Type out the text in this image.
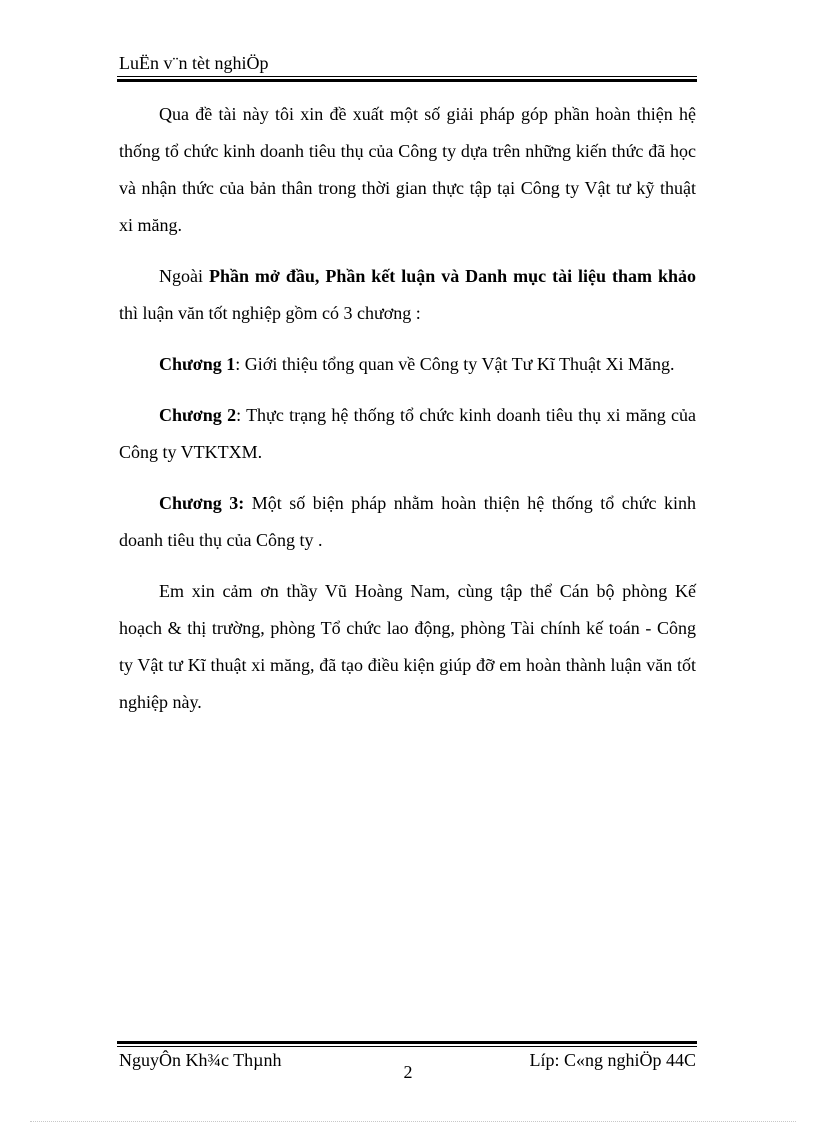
LuËn v¨n tèt nghiÖp

Qua đề tài này tôi xin đề xuất một số giải pháp góp phần hoàn thiện hệ thống tổ chức kinh doanh tiêu thụ của Công ty dựa trên những kiến thức đã học và nhận thức của bản thân trong thời gian thực tập tại Công ty Vật tư kỹ thuật xi măng.

Ngoài Phần mở đầu, Phần kết luận và Danh mục tài liệu tham khảo thì luận văn tốt nghiệp gồm có 3 chương :

Chương 1: Giới thiệu tổng quan về Công ty Vật Tư Kĩ Thuật Xi Măng.

Chương 2: Thực trạng hệ thống tổ chức kinh doanh tiêu thụ xi măng của Công ty VTKTXM.

Chương 3: Một số biện pháp nhằm hoàn thiện hệ thống tổ chức kinh doanh tiêu thụ của Công ty .

Em xin cảm ơn thầy Vũ Hoàng Nam, cùng tập thể Cán bộ phòng Kế hoạch & thị trường, phòng Tổ chức lao động, phòng Tài chính kế toán - Công ty Vật tư Kĩ thuật xi măng, đã tạo điều kiện giúp đỡ em hoàn thành luận văn tốt nghiệp này.

NguyÔn Kh¾c Thµnh
2
Líp: C«ng nghiÖp 44C
